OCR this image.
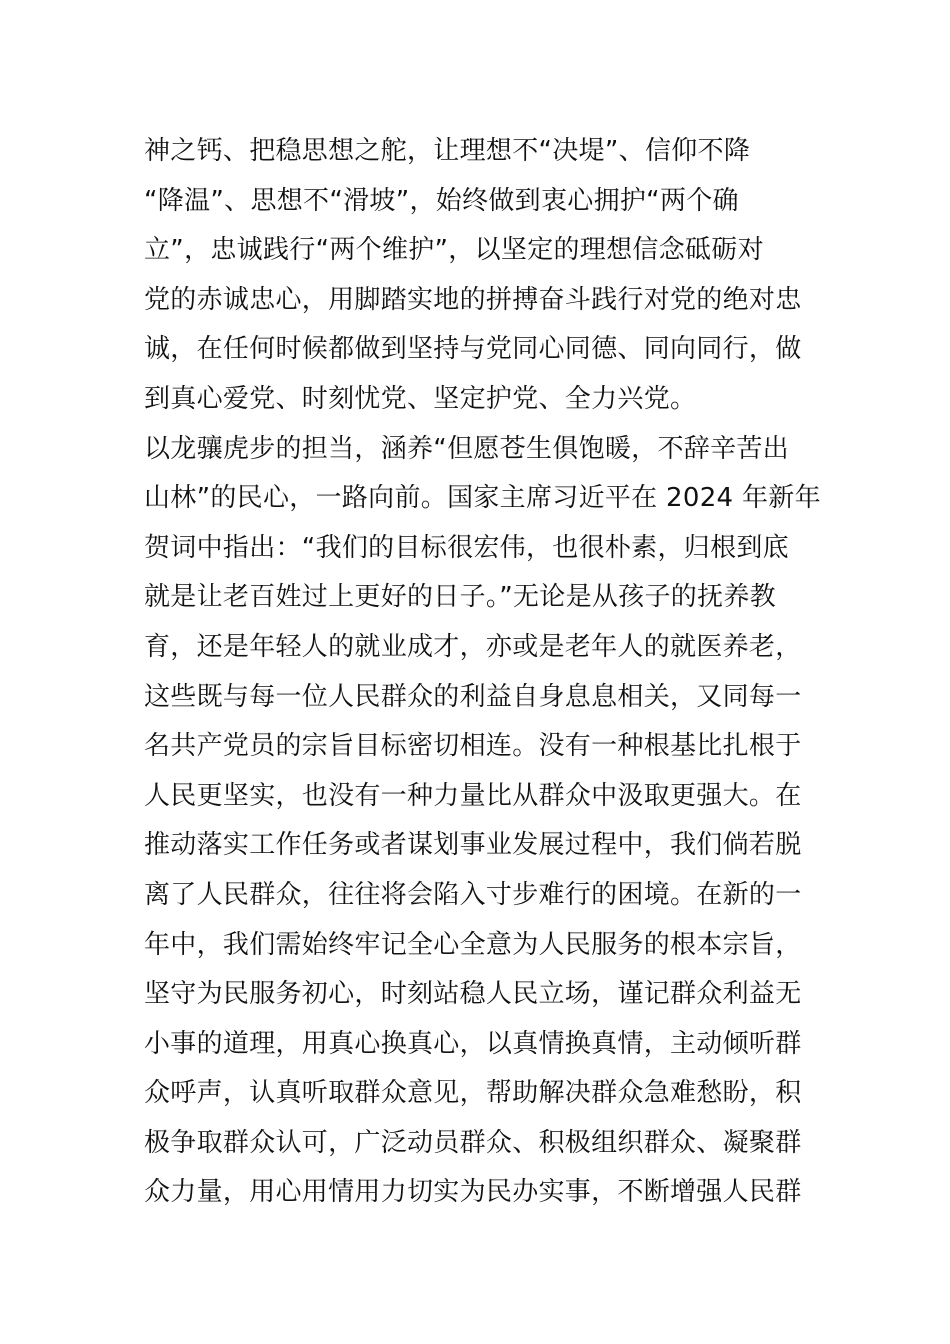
神之钙、把稳思想之舵，让理想不“决堤”、信仰不降
“降温”、思想不“滑坡”，始终做到衷心拥护“两个确
立”，忠诚践行“两个维护”，以坚定的理想信念砥砺对
党的赤诚忠心，用脚踏实地的拼搏奋斗践行对党的绝对忠
诚，在任何时候都做到坚持与党同心同德、同向同行，做
到真心爱党、时刻忧党、坚定护党、全力兴党。
以龙骧虎步的担当，涵养“但愿苍生俱饱暖，不辞辛苦出
山林”的民心，一路向前。国家主席习近平在 2024 年新年
贺词中指出：“我们的目标很宏伟，也很朴素，归根到底
就是让老百姓过上更好的日子。”无论是从孩子的抚养教
育，还是年轻人的就业成才，亦或是老年人的就医养老，
这些既与每一位人民群众的利益自身息息相关，又同每一
名共产党员的宗旨目标密切相连。没有一种根基比扎根于
人民更坚实，也没有一种力量比从群众中汲取更强大。在
推动落实工作任务或者谋划事业发展过程中，我们倘若脱
离了人民群众，往往将会陷入寸步难行的困境。在新的一
年中，我们需始终牢记全心全意为人民服务的根本宗旨，
坚守为民服务初心，时刻站稳人民立场，谨记群众利益无
小事的道理，用真心换真心，以真情换真情，主动倾听群
众呼声，认真听取群众意见，帮助解决群众急难愁盼，积
极争取群众认可，广泛动员群众、积极组织群众、凝聚群
众力量，用心用情用力切实为民办实事，不断增强人民群
